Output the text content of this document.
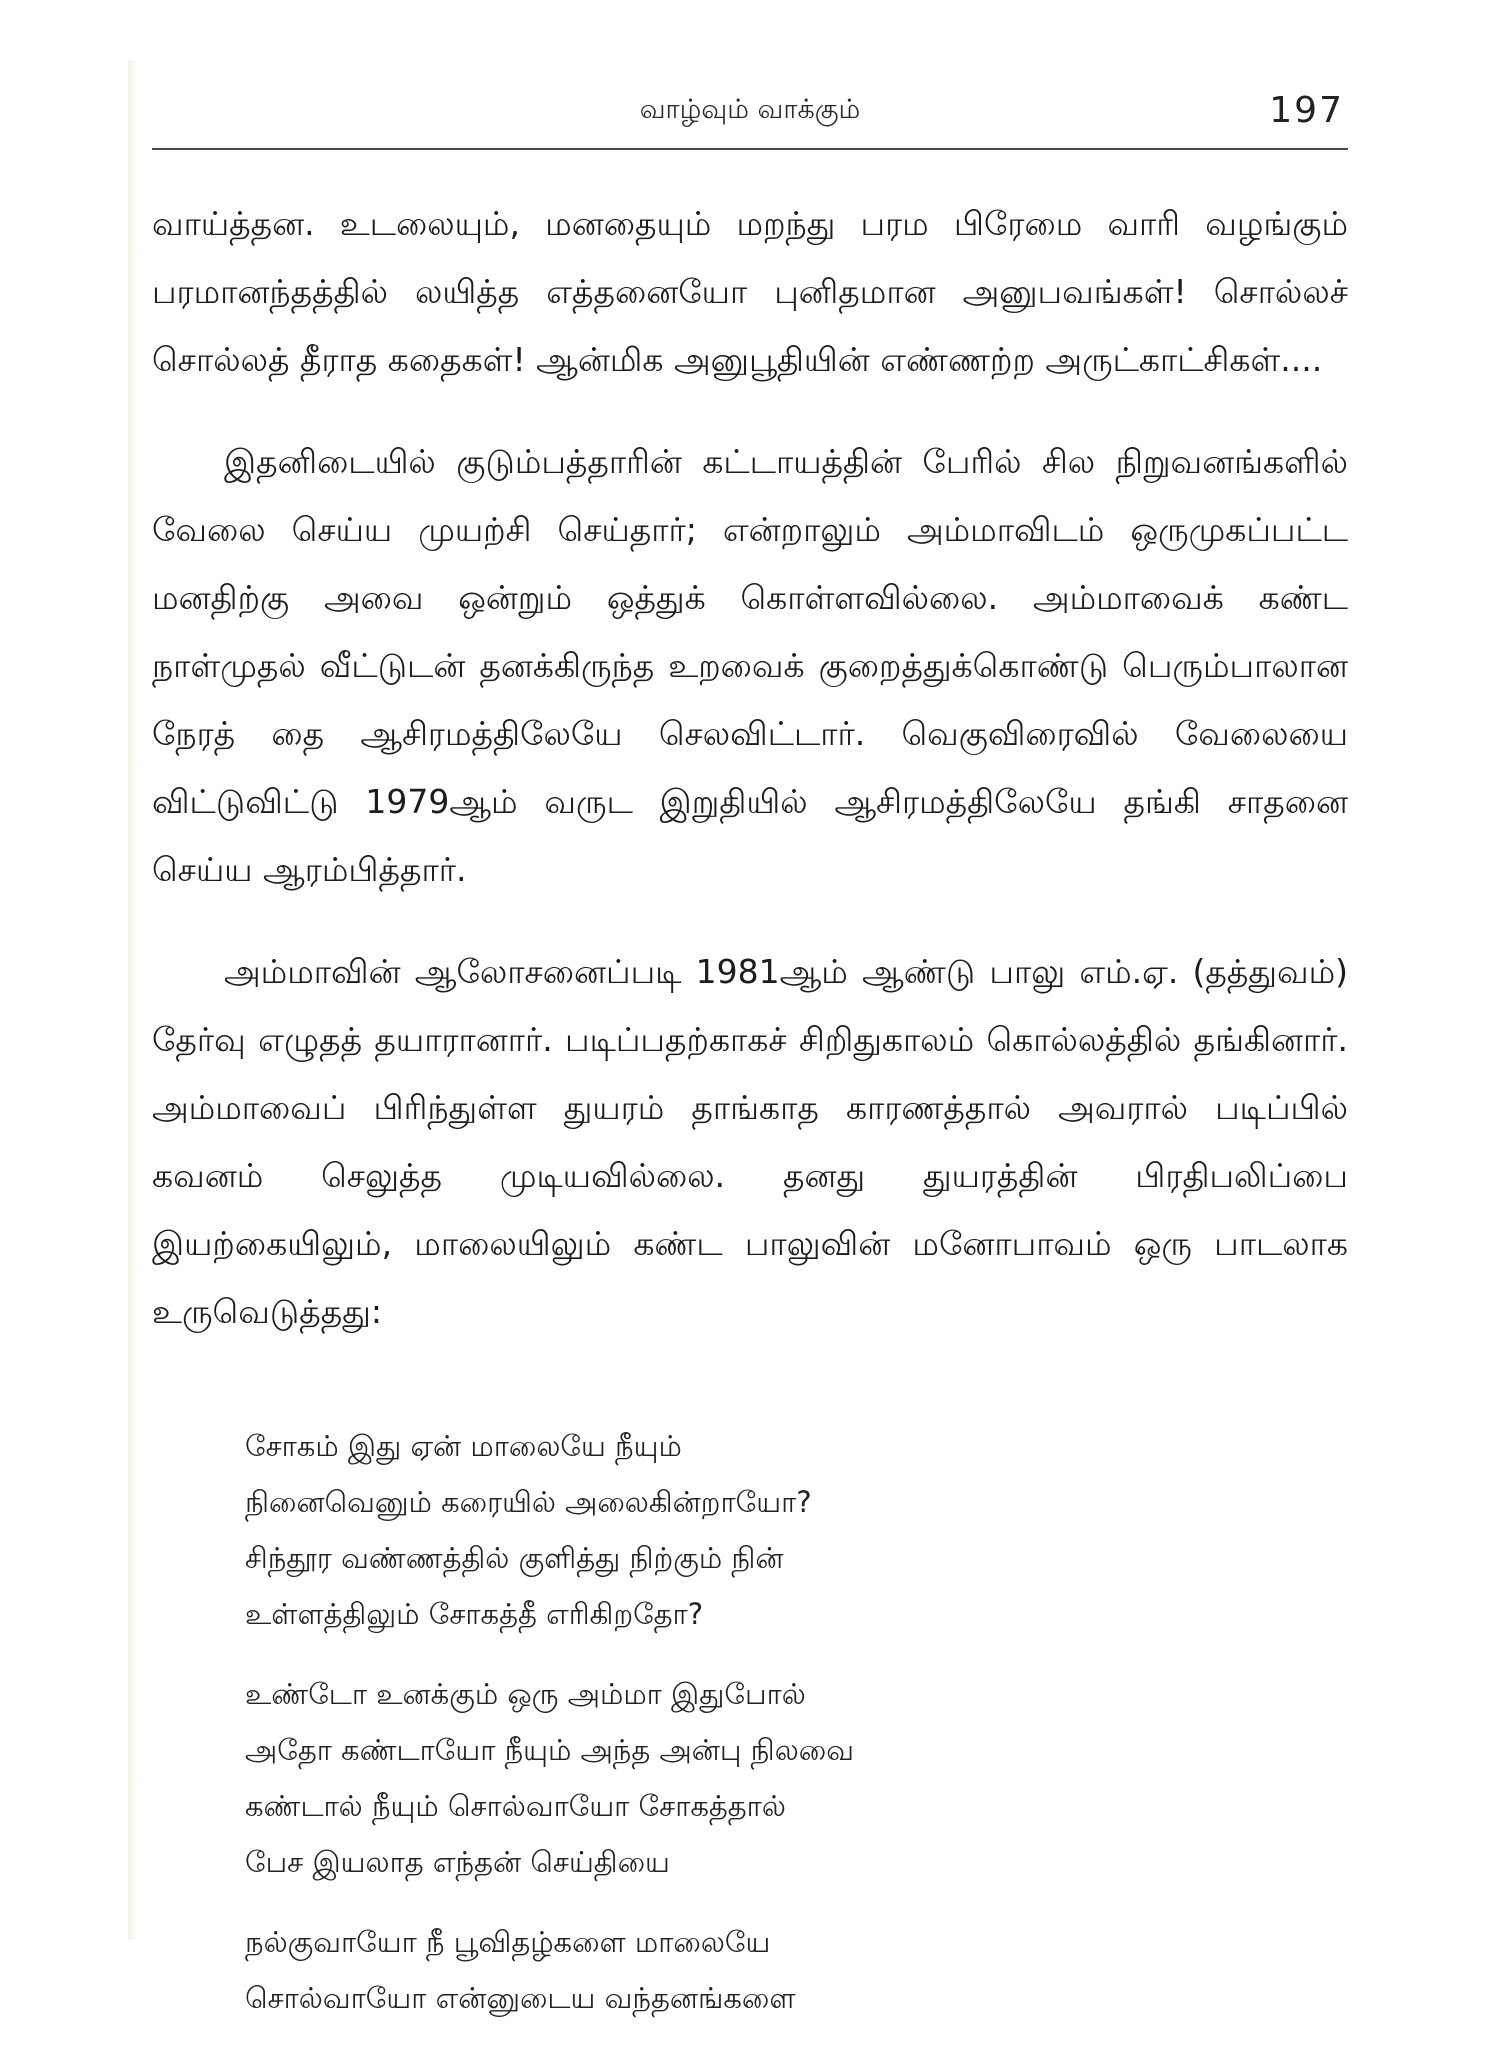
வாழ்வும் வாக்கும்	197

வாய்த்தன. உடலையும், மனதையும் மறந்து பரம பிரேமை வாரி வழங்கும் பரமானந்தத்தில் லயித்த எத்தனையோ புனிதமான அனுபவங்கள்! சொல்லச் சொல்லத் தீராத கதைகள்! ஆன்மிக அனுபூதியின் எண்ணற்ற அருட்காட்சிகள்....

இதனிடையில் குடும்பத்தாரின் கட்டாயத்தின் பேரில் சில நிறுவனங்களில் வேலை செய்ய முயற்சி செய்தார்; என்றாலும் அம்மாவிடம் ஒருமுகப்பட்ட மனதிற்கு அவை ஒன்றும் ஒத்துக் கொள்ளவில்லை. அம்மாவைக் கண்ட நாள்முதல் வீட்டுடன் தனக்கிருந்த உறவைக் குறைத்துக்கொண்டு பெரும்பாலான நேரத் தை ஆசிரமத்திலேயே செலவிட்டார். வெகுவிரைவில் வேலையை விட்டுவிட்டு 1979ஆம் வருட இறுதியில் ஆசிரமத்திலேயே தங்கி சாதனை செய்ய ஆரம்பித்தார்.

அம்மாவின் ஆலோசனைப்படி 1981ஆம் ஆண்டு பாலு எம்.ஏ. (தத்துவம்) தேர்வு எழுதத் தயாரானார். படிப்பதற்காகச் சிறிதுகாலம் கொல்லத்தில் தங்கினார். அம்மாவைப் பிரிந்துள்ள துயரம் தாங்காத காரணத்தால் அவரால் படிப்பில் கவனம் செலுத்த முடியவில்லை. தனது துயரத்தின் பிரதிபலிப்பை இயற்கையிலும், மாலையிலும் கண்ட பாலுவின் மனோபாவம் ஒரு பாடலாக உருவெடுத்தது:

சோகம் இது ஏன் மாலையே நீயும்
நினைவெனும் கரையில் அலைகின்றாயோ?
சிந்தூர வண்ணத்தில் குளித்து நிற்கும் நின்
உள்ளத்திலும் சோகத்தீ எரிகிறதோ?
உண்டோ உனக்கும் ஒரு அம்மா இதுபோல்
அதோ கண்டாயோ நீயும் அந்த அன்பு நிலவை
கண்டால் நீயும் சொல்வாயோ சோகத்தால்
பேச இயலாத எந்தன் செய்தியை
நல்குவாயோ நீ பூவிதழ்களை மாலையே
சொல்வாயோ என்னுடைய வந்தனங்களை
